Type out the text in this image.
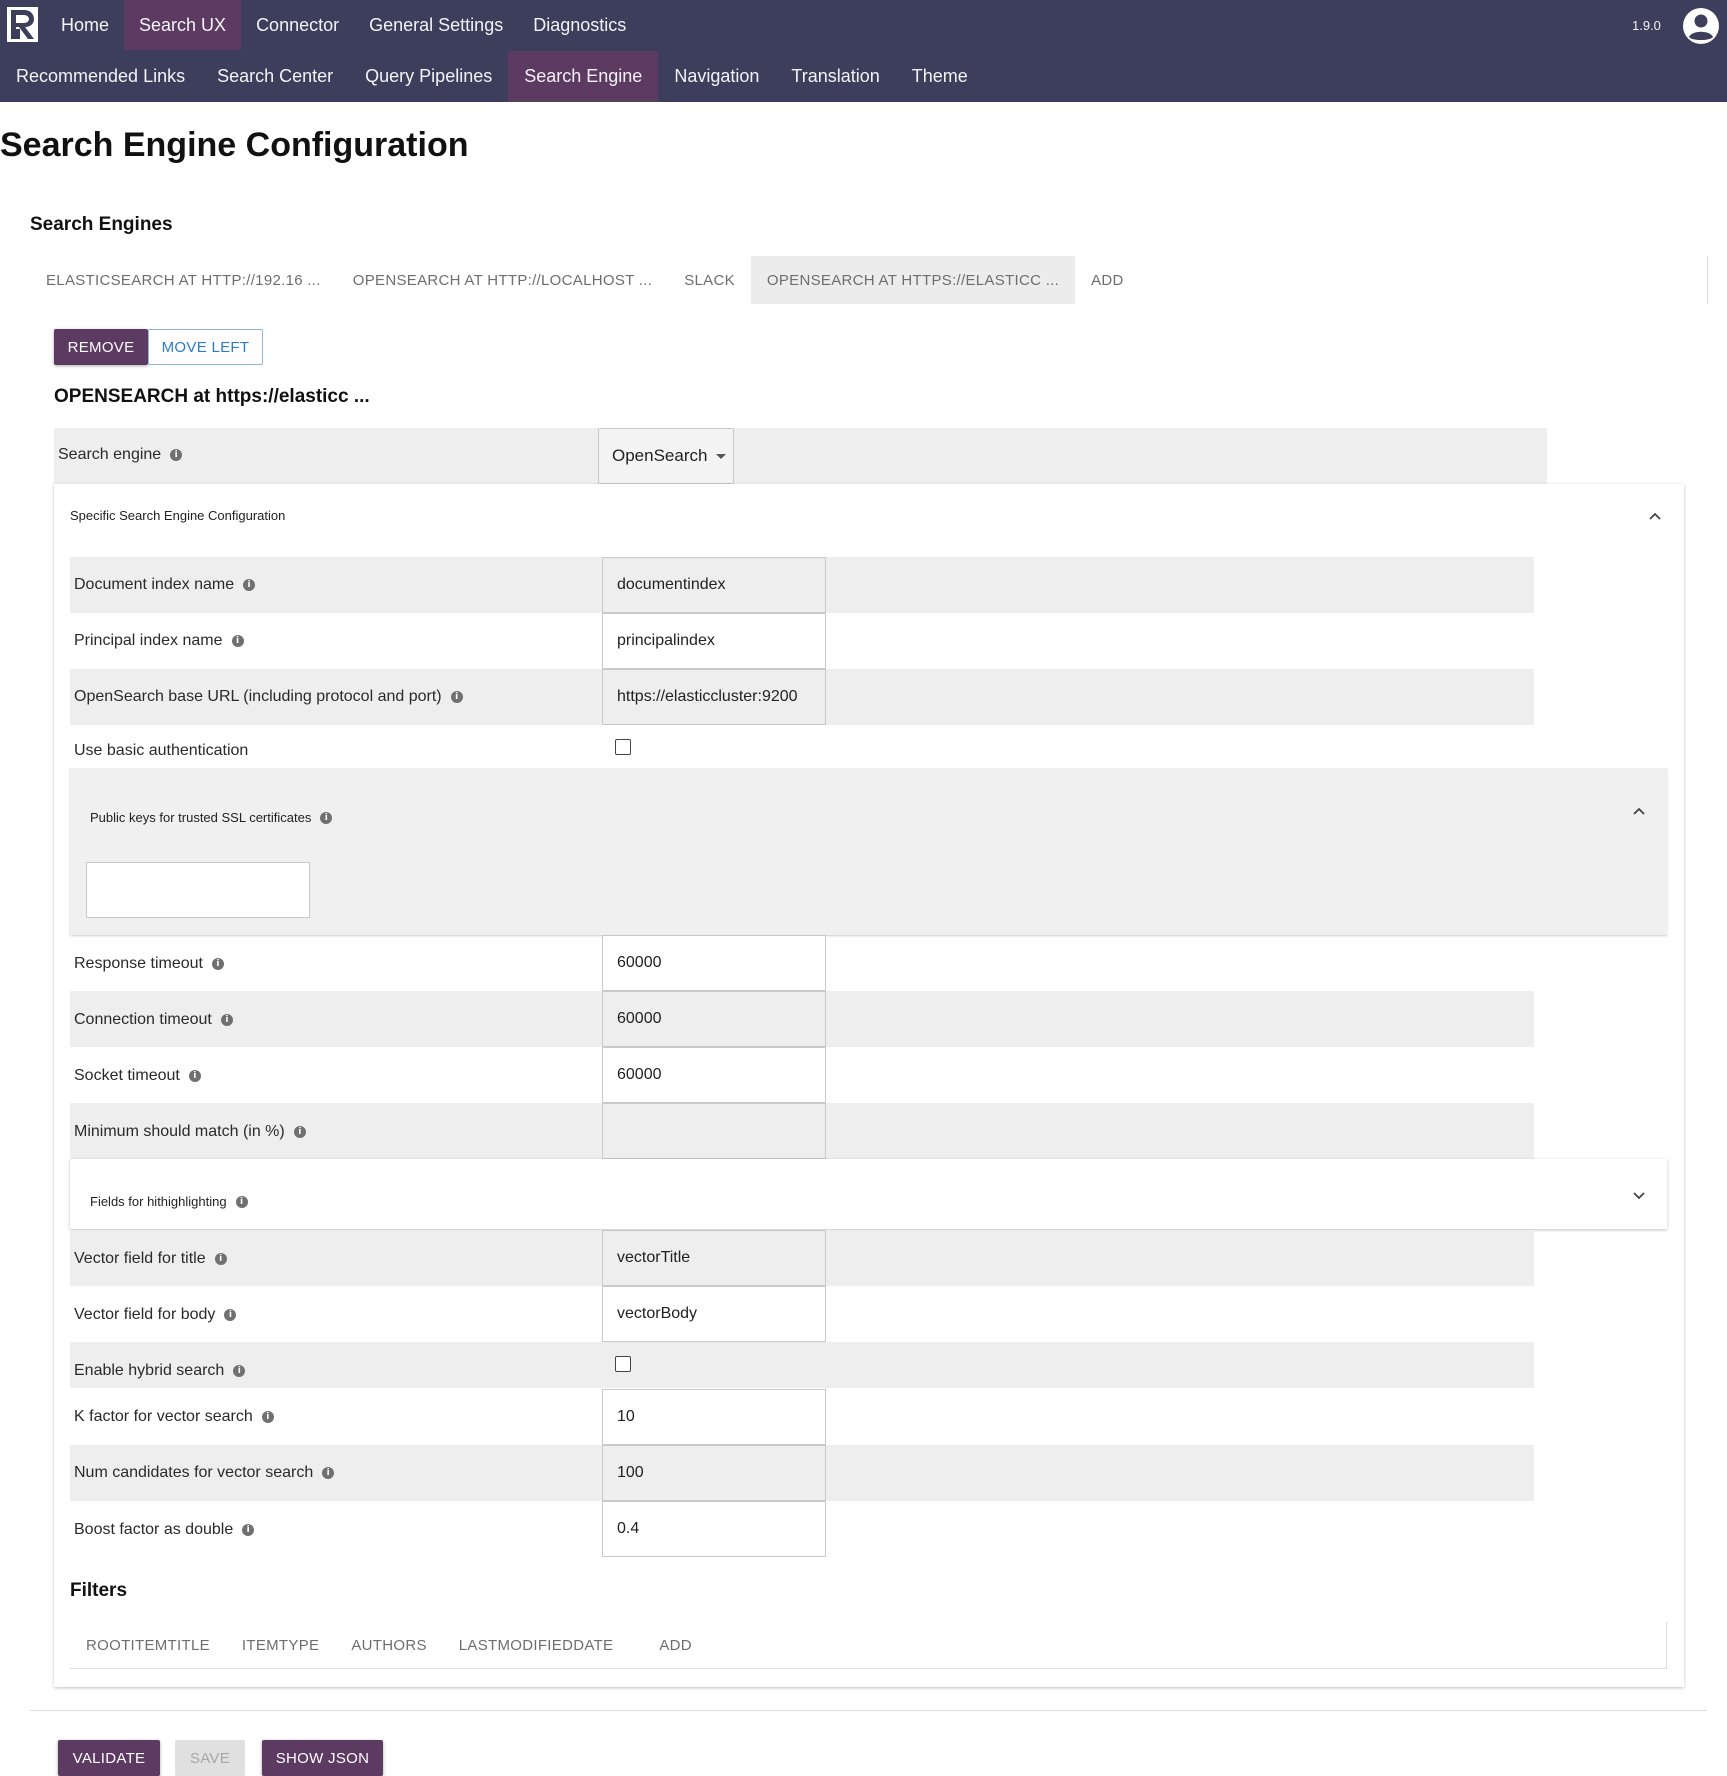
Home	Search UX	Connector	General Settings	Diagnostics	1.9.0
Recommended Links	Search Center	Query Pipelines	Search Engine	Navigation	Translation	Theme
Search Engine Configuration
Search Engines
ELASTICSEARCH AT HTTP://192.16 ...	OPENSEARCH AT HTTP://LOCALHOST ...	SLACK	OPENSEARCH AT HTTPS://ELASTICC ...	ADD
REMOVE	MOVE LEFT
OPENSEARCH at https://elasticc ...
Search engine	i	OpenSearch
Specific Search Engine Configuration
Document index name	i	documentindex
Principal index name	i	principalindex
OpenSearch base URL (including protocol and port)	i	https://elasticcluster:9200
Use basic authentication
Public keys for trusted SSL certificates	i
Response timeout	i	60000
Connection timeout	i	60000
Socket timeout	i	60000
Minimum should match (in %)	i
Fields for hithighlighting	i
Vector field for title	i	vectorTitle
Vector field for body	i	vectorBody
Enable hybrid search	i
K factor for vector search	i	10
Num candidates for vector search	i	100
Boost factor as double	i	0.4
Filters
ROOTITEMTITLE	ITEMTYPE	AUTHORS	LASTMODIFIEDDATE	ADD
VALIDATE	SAVE	SHOW JSON
